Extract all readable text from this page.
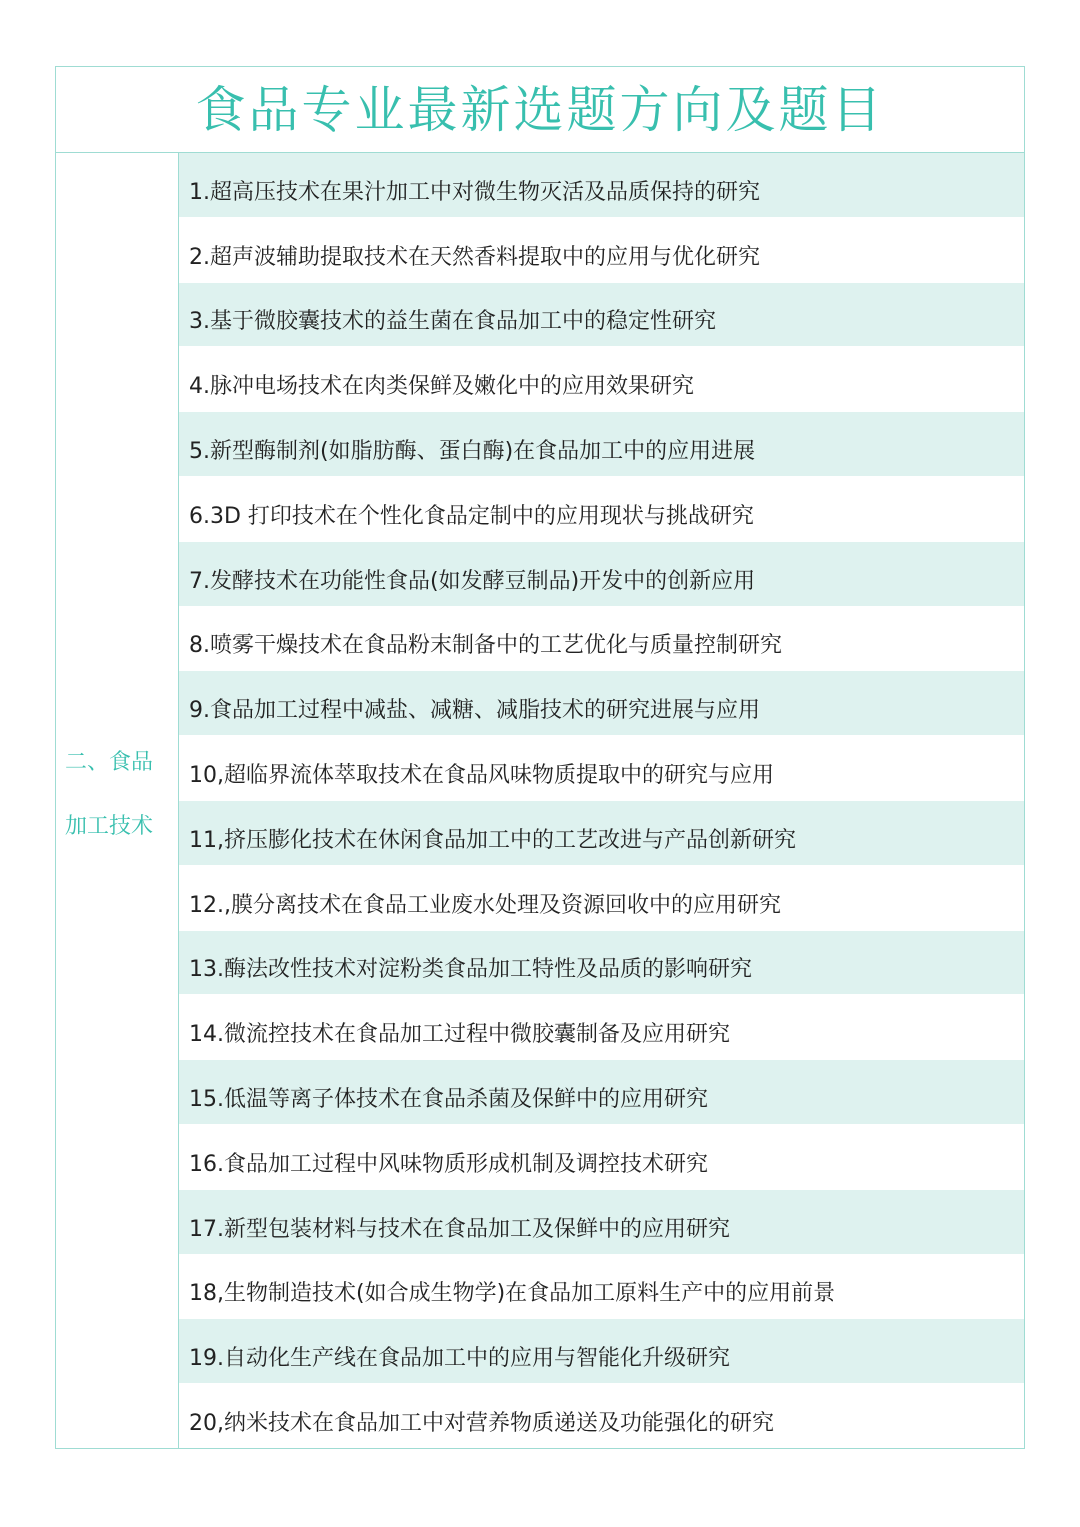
食品专业最新选题方向及题目
二、食品加工技术
1.超高压技术在果汁加工中对微生物灭活及品质保持的研究
2.超声波辅助提取技术在天然香料提取中的应用与优化研究
3.基于微胶囊技术的益生菌在食品加工中的稳定性研究
4.脉冲电场技术在肉类保鲜及嫩化中的应用效果研究
5.新型酶制剂(如脂肪酶、蛋白酶)在食品加工中的应用进展
6.3D 打印技术在个性化食品定制中的应用现状与挑战研究
7.发酵技术在功能性食品(如发酵豆制品)开发中的创新应用
8.喷雾干燥技术在食品粉末制备中的工艺优化与质量控制研究
9.食品加工过程中减盐、减糖、减脂技术的研究进展与应用
10,超临界流体萃取技术在食品风味物质提取中的研究与应用
11,挤压膨化技术在休闲食品加工中的工艺改进与产品创新研究
12.,膜分离技术在食品工业废水处理及资源回收中的应用研究
13.酶法改性技术对淀粉类食品加工特性及品质的影响研究
14.微流控技术在食品加工过程中微胶囊制备及应用研究
15.低温等离子体技术在食品杀菌及保鲜中的应用研究
16.食品加工过程中风味物质形成机制及调控技术研究
17.新型包装材料与技术在食品加工及保鲜中的应用研究
18,生物制造技术(如合成生物学)在食品加工原料生产中的应用前景
19.自动化生产线在食品加工中的应用与智能化升级研究
20,纳米技术在食品加工中对营养物质递送及功能强化的研究
